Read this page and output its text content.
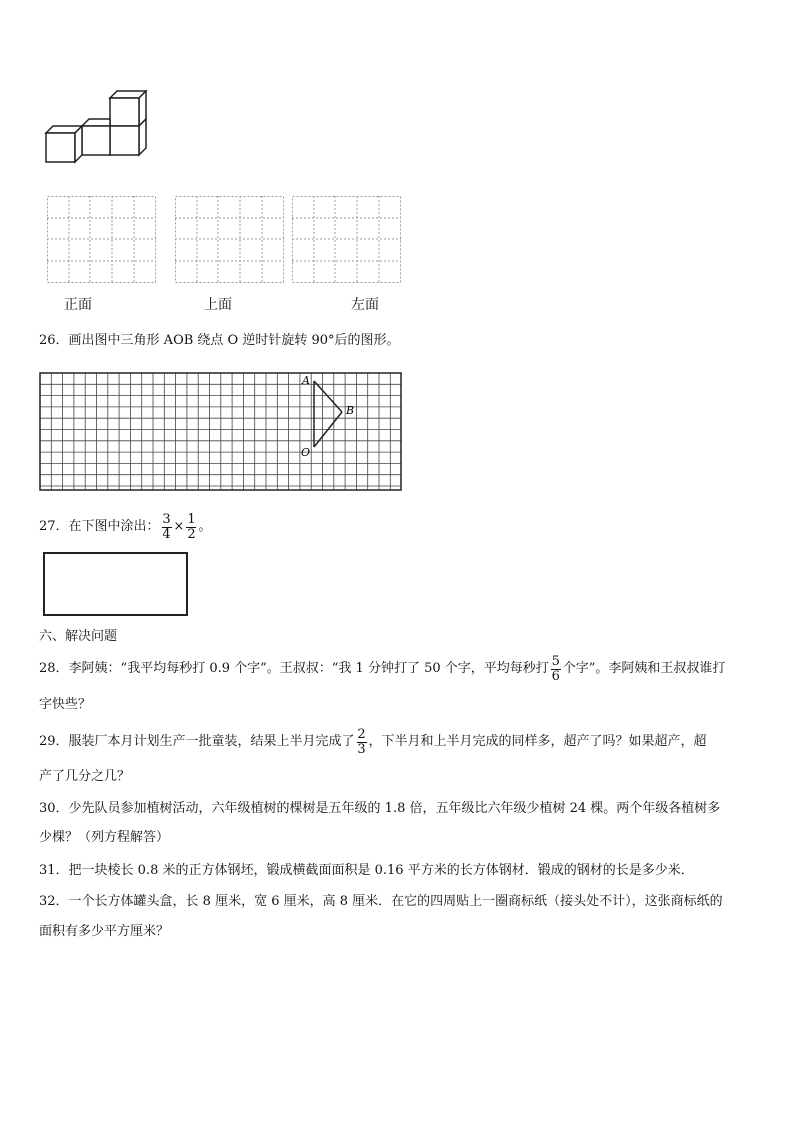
正面	上面	左面
26．画出图中三角形 AOB 绕点 O 逆时针旋转 90°后的图形。
A
B
O
27．在下图中涂出： $\frac{3}{4} \times \frac{1}{2}$ 。
六、解决问题
28．李阿姨：“我平均每秒打 0.9 个字”。王叔叔：“我 1 分钟打了 50 个字，平均每秒打 $\frac{5}{6}$ 个字”。李阿姨和王叔叔谁打
字快些？
29．服装厂本月计划生产一批童装，结果上半月完成了 $\frac{2}{3}$ ，下半月和上半月完成的同样多，超产了吗？如果超产，超
产了几分之几？
30．少先队员参加植树活动，六年级植树的棵树是五年级的 1.8 倍，五年级比六年级少植树 24 棵。两个年级各植树多
少棵？（列方程解答）
31．把一块棱长 0.8 米的正方体钢坯，锻成横截面面积是 0.16 平方米的长方体钢材．锻成的钢材的长是多少米．
32．一个长方体罐头盒，长 8 厘米，宽 6 厘米，高 8 厘米．在它的四周贴上一圈商标纸（接头处不计），这张商标纸的
面积有多少平方厘米？
